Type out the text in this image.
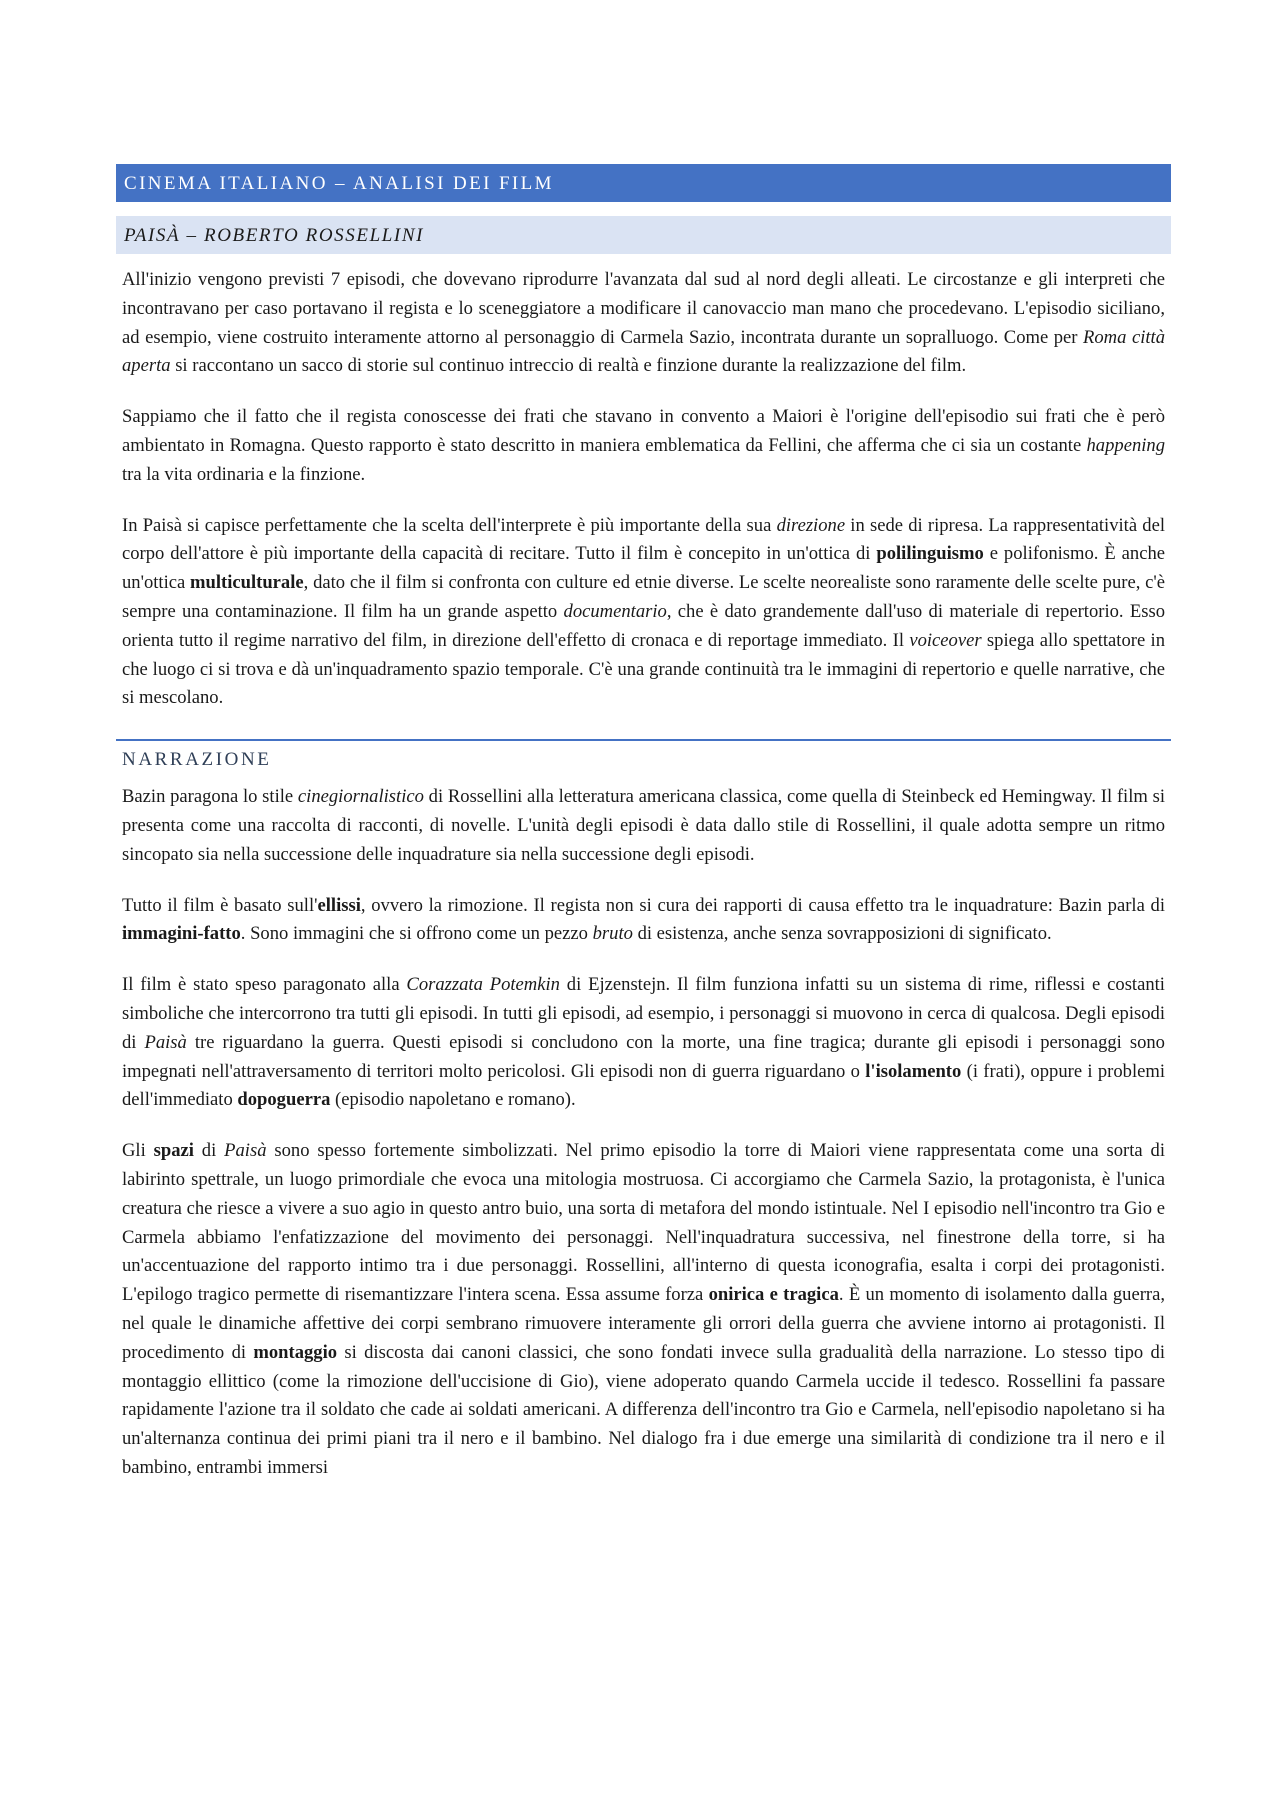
CINEMA ITALIANO – ANALISI DEI FILM
PAISÀ – ROBERTO ROSSELLINI

All'inizio vengono previsti 7 episodi, che dovevano riprodurre l'avanzata dal sud al nord degli alleati. Le circostanze e gli interpreti che incontravano per caso portavano il regista e lo sceneggiatore a modificare il canovaccio man mano che procedevano. L'episodio siciliano, ad esempio, viene costruito interamente attorno al personaggio di Carmela Sazio, incontrata durante un sopralluogo. Come per Roma città aperta si raccontano un sacco di storie sul continuo intreccio di realtà e finzione durante la realizzazione del film.

Sappiamo che il fatto che il regista conoscesse dei frati che stavano in convento a Maiori è l'origine dell'episodio sui frati che è però ambientato in Romagna. Questo rapporto è stato descritto in maniera emblematica da Fellini, che afferma che ci sia un costante happening tra la vita ordinaria e la finzione.

In Paisà si capisce perfettamente che la scelta dell'interprete è più importante della sua direzione in sede di ripresa. La rappresentatività del corpo dell'attore è più importante della capacità di recitare. Tutto il film è concepito in un'ottica di polilinguismo e polifonismo. È anche un'ottica multiculturale, dato che il film si confronta con culture ed etnie diverse. Le scelte neorealiste sono raramente delle scelte pure, c'è sempre una contaminazione. Il film ha un grande aspetto documentario, che è dato grandemente dall'uso di materiale di repertorio. Esso orienta tutto il regime narrativo del film, in direzione dell'effetto di cronaca e di reportage immediato. Il voiceover spiega allo spettatore in che luogo ci si trova e dà un'inquadramento spazio temporale. C'è una grande continuità tra le immagini di repertorio e quelle narrative, che si mescolano.

NARRAZIONE

Bazin paragona lo stile cinegiornalistico di Rossellini alla letteratura americana classica, come quella di Steinbeck ed Hemingway. Il film si presenta come una raccolta di racconti, di novelle. L'unità degli episodi è data dallo stile di Rossellini, il quale adotta sempre un ritmo sincopato sia nella successione delle inquadrature sia nella successione degli episodi.

Tutto il film è basato sull'ellissi, ovvero la rimozione. Il regista non si cura dei rapporti di causa effetto tra le inquadrature: Bazin parla di immagini-fatto. Sono immagini che si offrono come un pezzo bruto di esistenza, anche senza sovrapposizioni di significato.

Il film è stato speso paragonato alla Corazzata Potemkin di Ejzenstejn. Il film funziona infatti su un sistema di rime, riflessi e costanti simboliche che intercorrono tra tutti gli episodi. In tutti gli episodi, ad esempio, i personaggi si muovono in cerca di qualcosa. Degli episodi di Paisà tre riguardano la guerra. Questi episodi si concludono con la morte, una fine tragica; durante gli episodi i personaggi sono impegnati nell'attraversamento di territori molto pericolosi. Gli episodi non di guerra riguardano o l'isolamento (i frati), oppure i problemi dell'immediato dopoguerra (episodio napoletano e romano).

Gli spazi di Paisà sono spesso fortemente simbolizzati. Nel primo episodio la torre di Maiori viene rappresentata come una sorta di labirinto spettrale, un luogo primordiale che evoca una mitologia mostruosa. Ci accorgiamo che Carmela Sazio, la protagonista, è l'unica creatura che riesce a vivere a suo agio in questo antro buio, una sorta di metafora del mondo istintuale. Nel I episodio nell'incontro tra Gio e Carmela abbiamo l'enfatizzazione del movimento dei personaggi. Nell'inquadratura successiva, nel finestrone della torre, si ha un'accentuazione del rapporto intimo tra i due personaggi. Rossellini, all'interno di questa iconografia, esalta i corpi dei protagonisti. L'epilogo tragico permette di risemantizzare l'intera scena. Essa assume forza onirica e tragica. È un momento di isolamento dalla guerra, nel quale le dinamiche affettive dei corpi sembrano rimuovere interamente gli orrori della guerra che avviene intorno ai protagonisti. Il procedimento di montaggio si discosta dai canoni classici, che sono fondati invece sulla gradualità della narrazione. Lo stesso tipo di montaggio ellittico (come la rimozione dell'uccisione di Gio), viene adoperato quando Carmela uccide il tedesco. Rossellini fa passare rapidamente l'azione tra il soldato che cade ai soldati americani. A differenza dell'incontro tra Gio e Carmela, nell'episodio napoletano si ha un'alternanza continua dei primi piani tra il nero e il bambino. Nel dialogo fra i due emerge una similarità di condizione tra il nero e il bambino, entrambi immersi
